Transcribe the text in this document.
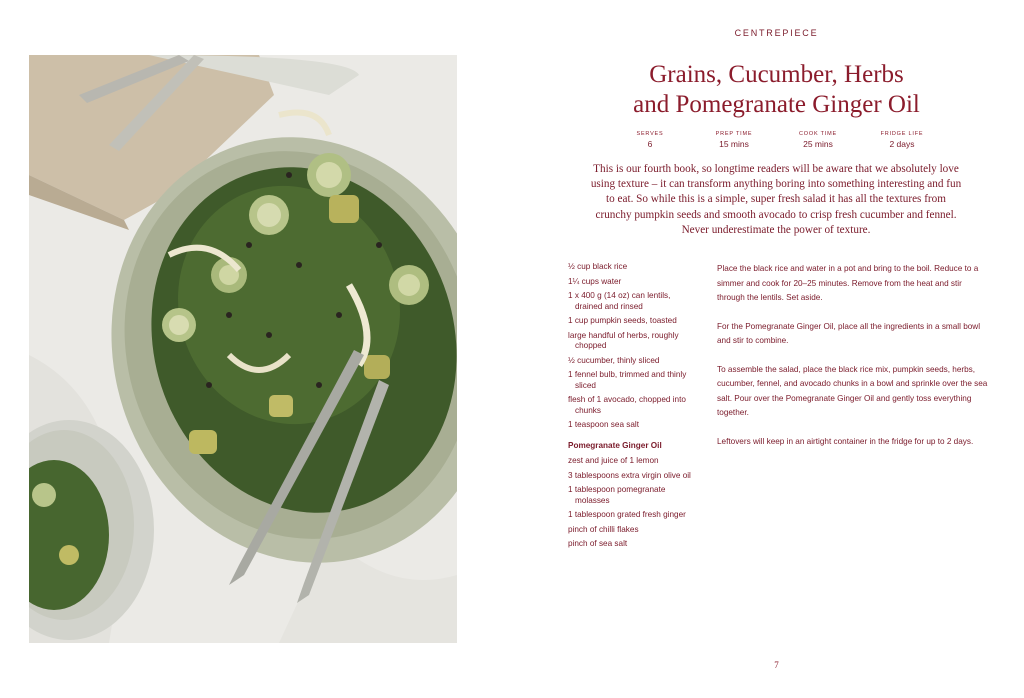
CENTREPIECE
Grains, Cucumber, Herbs
and Pomegranate Ginger Oil
SERVES
6
PREP TIME
15 mins
COOK TIME
25 mins
FRIDGE LIFE
2 days
This is our fourth book, so longtime readers will be aware that we absolutely love using texture – it can transform anything boring into something interesting and fun to eat. So while this is a simple, super fresh salad it has all the textures from crunchy pumpkin seeds and smooth avocado to crisp fresh cucumber and fennel. Never underestimate the power of texture.
½ cup black rice
1¼ cups water
1 x 400 g (14 oz) can lentils, drained and rinsed
1 cup pumpkin seeds, toasted
large handful of herbs, roughly chopped
½ cucumber, thinly sliced
1 fennel bulb, trimmed and thinly sliced
flesh of 1 avocado, chopped into chunks
1 teaspoon sea salt
Pomegranate Ginger Oil
zest and juice of 1 lemon
3 tablespoons extra virgin olive oil
1 tablespoon pomegranate molasses
1 tablespoon grated fresh ginger
pinch of chilli flakes
pinch of sea salt

Place the black rice and water in a pot and bring to the boil. Reduce to a simmer and cook for 20–25 minutes. Remove from the heat and stir through the lentils. Set aside.

For the Pomegranate Ginger Oil, place all the ingredients in a small bowl and stir to combine.

To assemble the salad, place the black rice mix, pumpkin seeds, herbs, cucumber, fennel, and avocado chunks in a bowl and sprinkle over the sea salt. Pour over the Pomegranate Ginger Oil and gently toss everything together.

Leftovers will keep in an airtight container in the fridge for up to 2 days.

7
